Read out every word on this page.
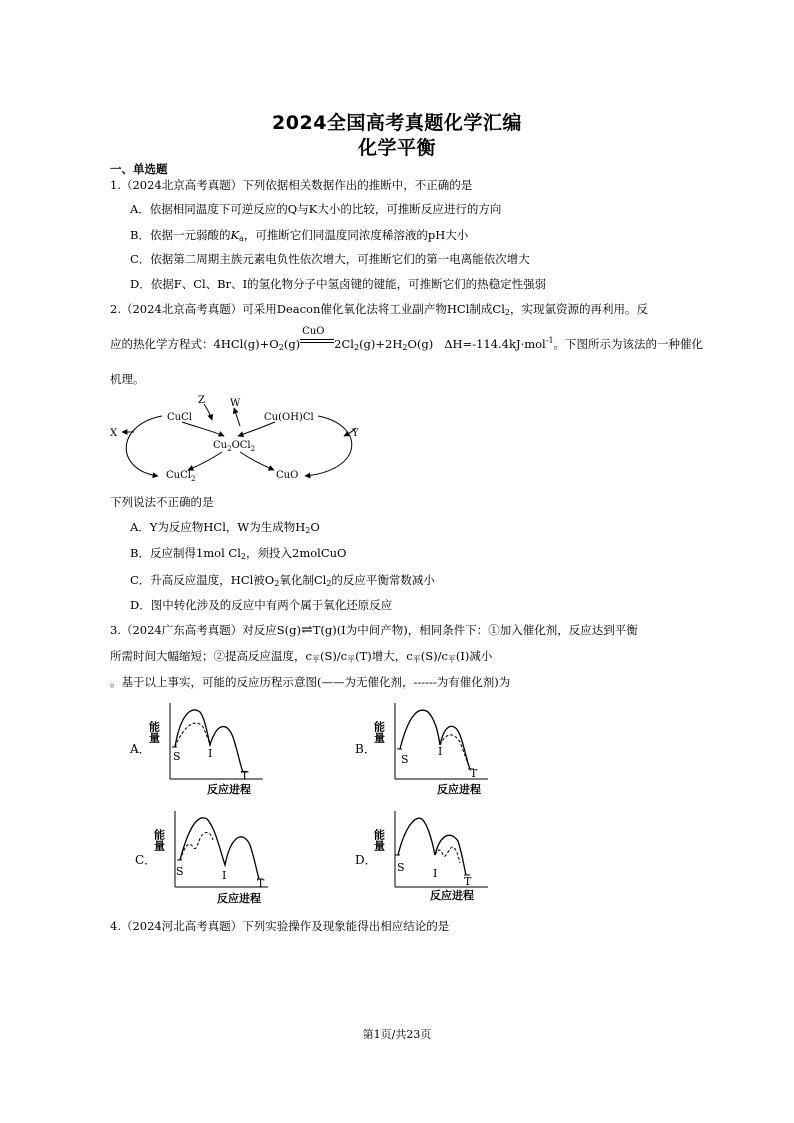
2024全国高考真题化学汇编
化学平衡
一、单选题
1.（2024北京高考真题）下列依据相关数据作出的推断中，不正确的是
A．依据相同温度下可逆反应的Q与K大小的比较，可推断反应进行的方向
B．依据一元弱酸的$K_a$，可推断它们同温度同浓度稀溶液的pH大小
C．依据第二周期主族元素电负性依次增大，可推断它们的第一电离能依次增大
D．依据F、Cl、Br、I的氢化物分子中氢卤键的键能，可推断它们的热稳定性强弱
2.（2024北京高考真题）可采用Deacon催化氧化法将工业副产物HCl制成$Cl_2$，实现氯资源的再利用。反
应的热化学方程式：$4HCl(g)+O_2(g)$
CuO
$2Cl_2(g)+2H_2O(g)$ ΔH=-114.4kJ·mol$^{-1}$。下图所示为该法的一种催化
机理。
CuCl
Z	W
Cu(OH)Cl
X
$Cu_2OCl_2$
Y
CuCl$_2$	CuO
下列说法不正确的是
A．Y为反应物HCl，W为生成物$H_2O$
B．反应制得1mol $Cl_2$，须投入2molCuO
C．升高反应温度，HCl被$O_2$氧化制$Cl_2$的反应平衡常数减小
D．图中转化涉及的反应中有两个属于氧化还原反应
3.（2024广东高考真题）对反应S(g)⇌T(g)(I为中间产物)，相同条件下：①加入催化剂，反应达到平衡
所需时间大幅缩短；②提高反应温度，$c_平(S)/c_平(T)$增大，$c_平(S)/c_平(Ⅰ)$减小
。基于以上事实，可能的反应历程示意图(——为无催化剂，------为有催化剂)为
A．	B．
C．	D．
能量
S I
T
反应进程
能量
S
I
T
反应进程
能量
S	I
T
反应进程
能量
S	I
T
反应进程
4.（2024河北高考真题）下列实验操作及现象能得出相应结论的是
第1页/共23页
